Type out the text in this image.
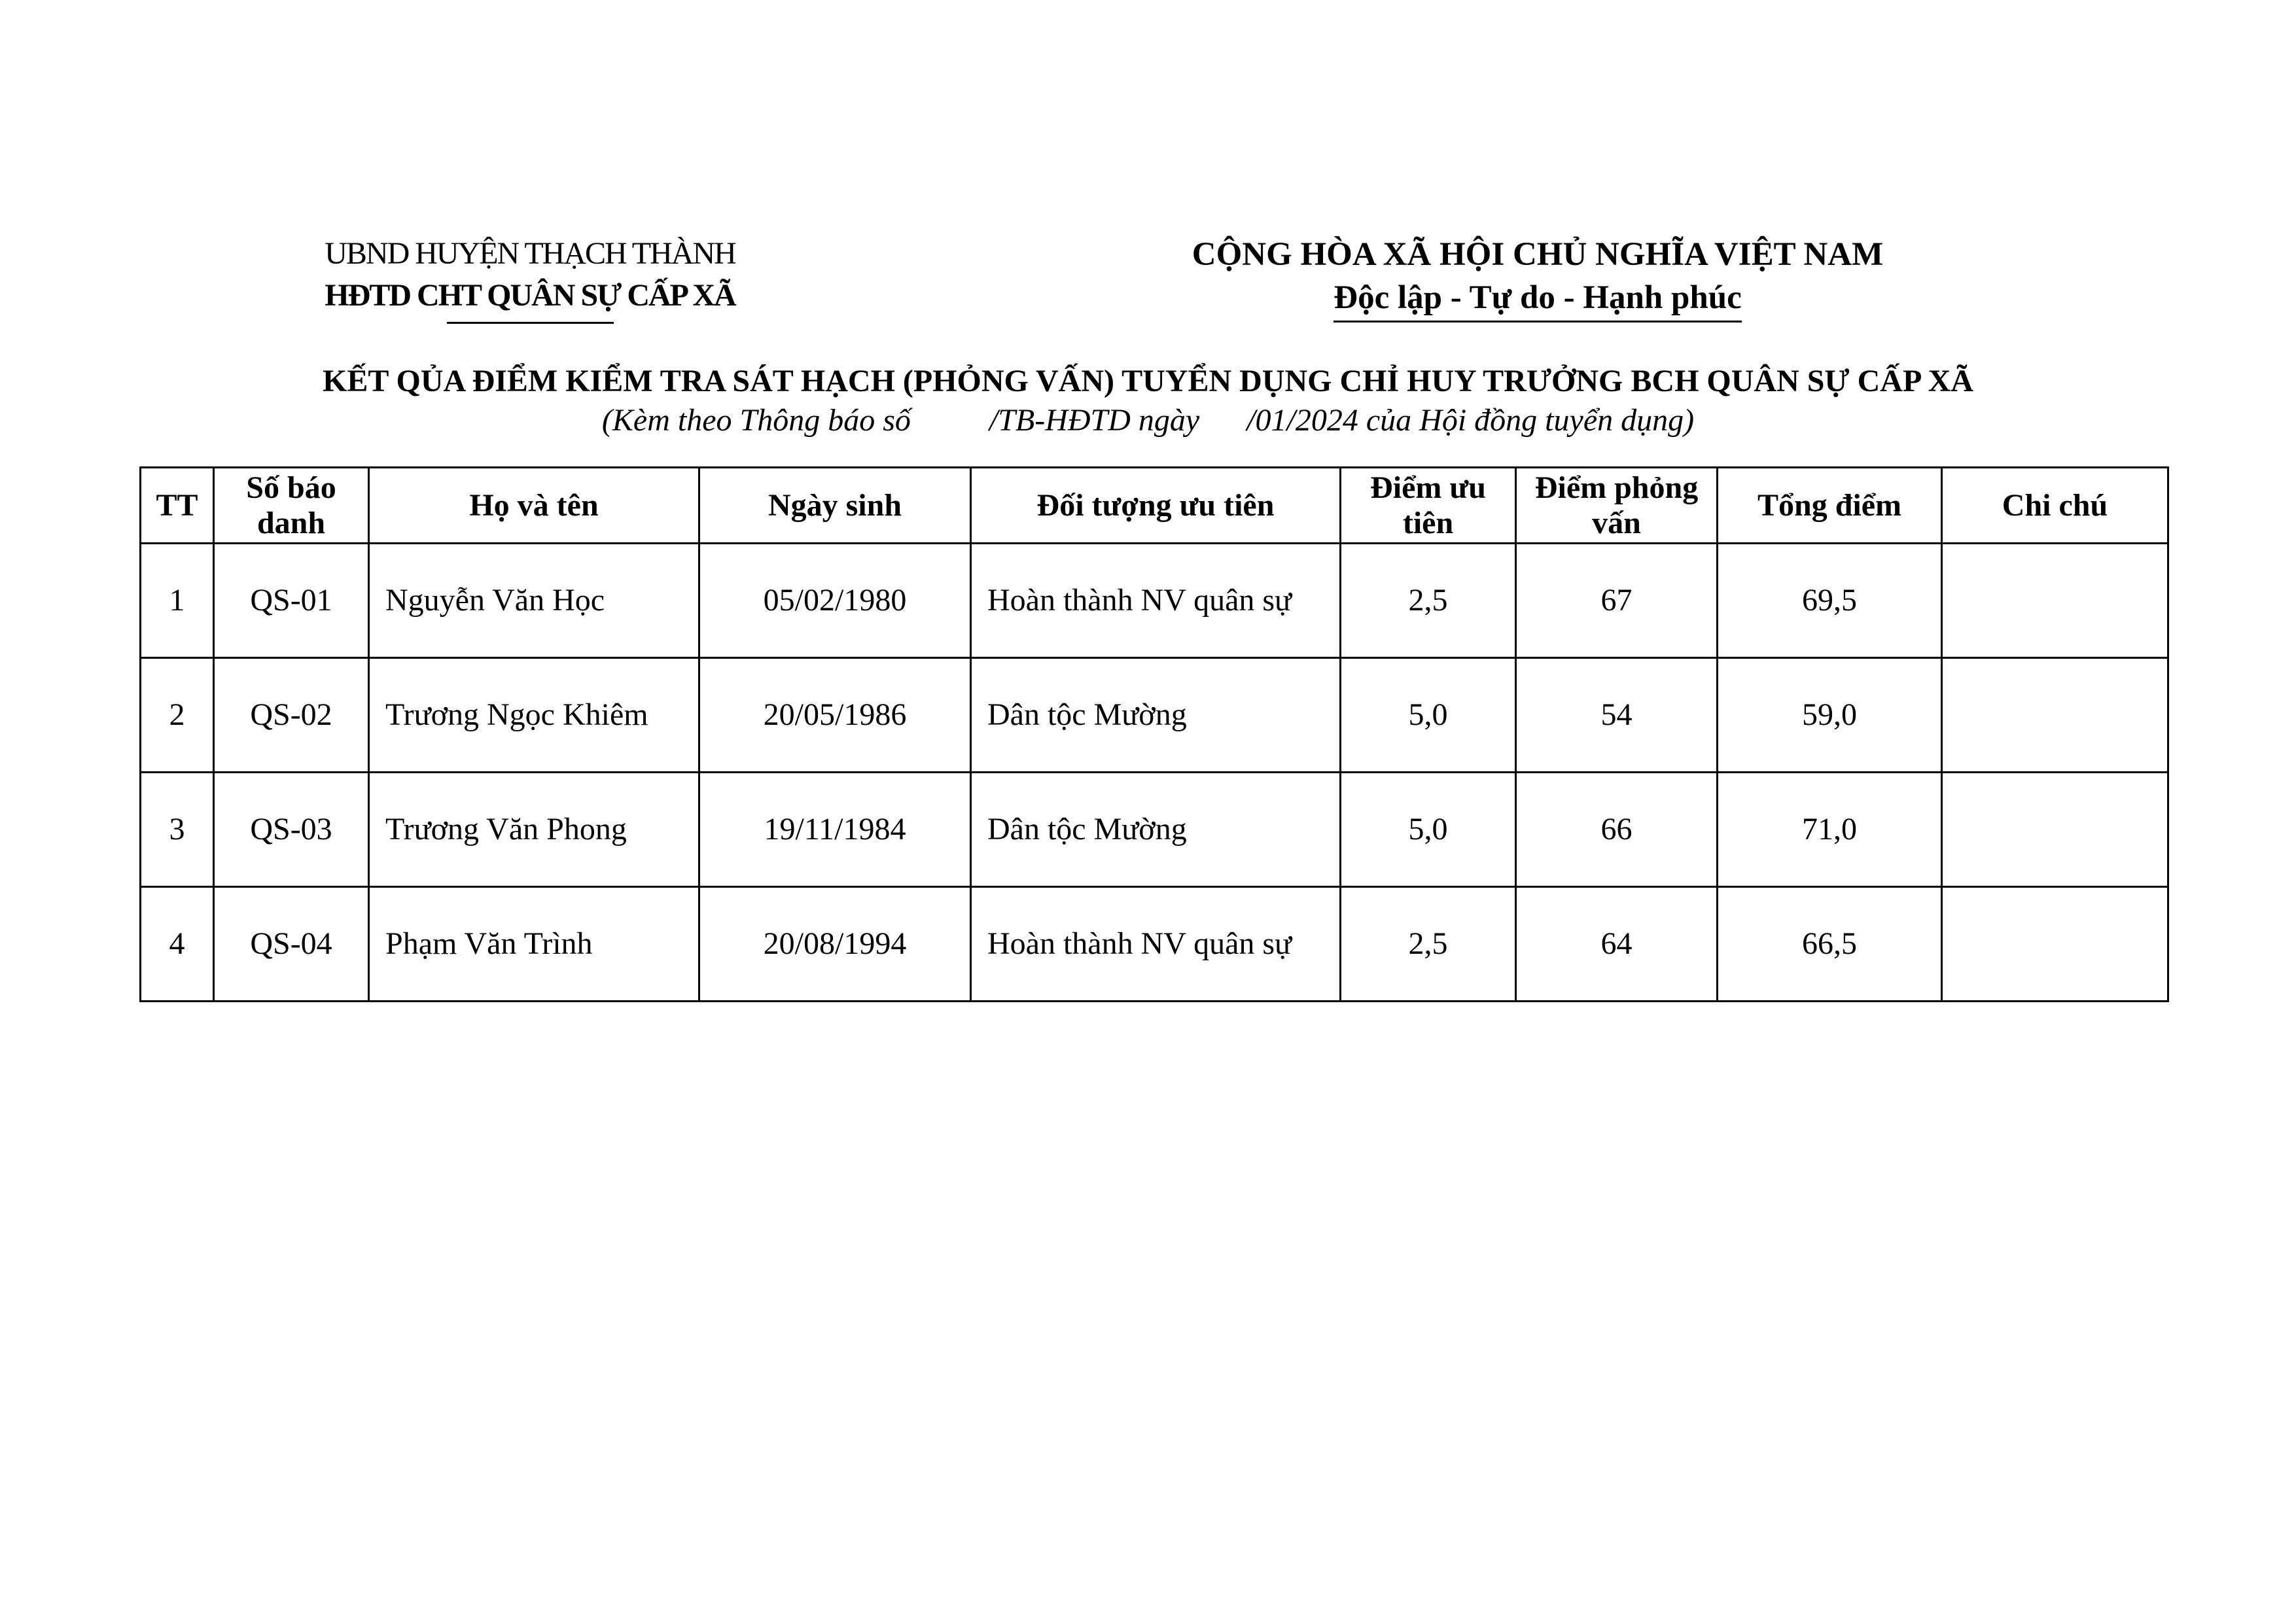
UBND HUYỆN THẠCH THÀNH
HĐTD CHT QUÂN SỰ CẤP XÃ
CỘNG HÒA XÃ HỘI CHỦ NGHĨA VIỆT NAM
Độc lập - Tự do - Hạnh phúc
KẾT QỦA ĐIỂM KIỂM TRA SÁT HẠCH (PHỎNG VẤN) TUYỂN DỤNG CHỈ HUY TRƯỞNG BCH QUÂN SỰ CẤP XÃ
(Kèm theo Thông báo số          /TB-HĐTD ngày      /01/2024 của Hội đồng tuyển dụng)
TT	Số báo danh	Họ và tên	Ngày sinh	Đối tượng ưu tiên	Điểm ưu tiên	Điểm phỏng vấn	Tổng điểm	Chi chú
1	QS-01	Nguyễn Văn Học	05/02/1980	Hoàn thành NV quân sự	2,5	67	69,5	
2	QS-02	Trương Ngọc Khiêm	20/05/1986	Dân tộc Mường	5,0	54	59,0	
3	QS-03	Trương Văn Phong	19/11/1984	Dân tộc Mường	5,0	66	71,0	
4	QS-04	Phạm Văn Trình	20/08/1994	Hoàn thành NV quân sự	2,5	64	66,5	
